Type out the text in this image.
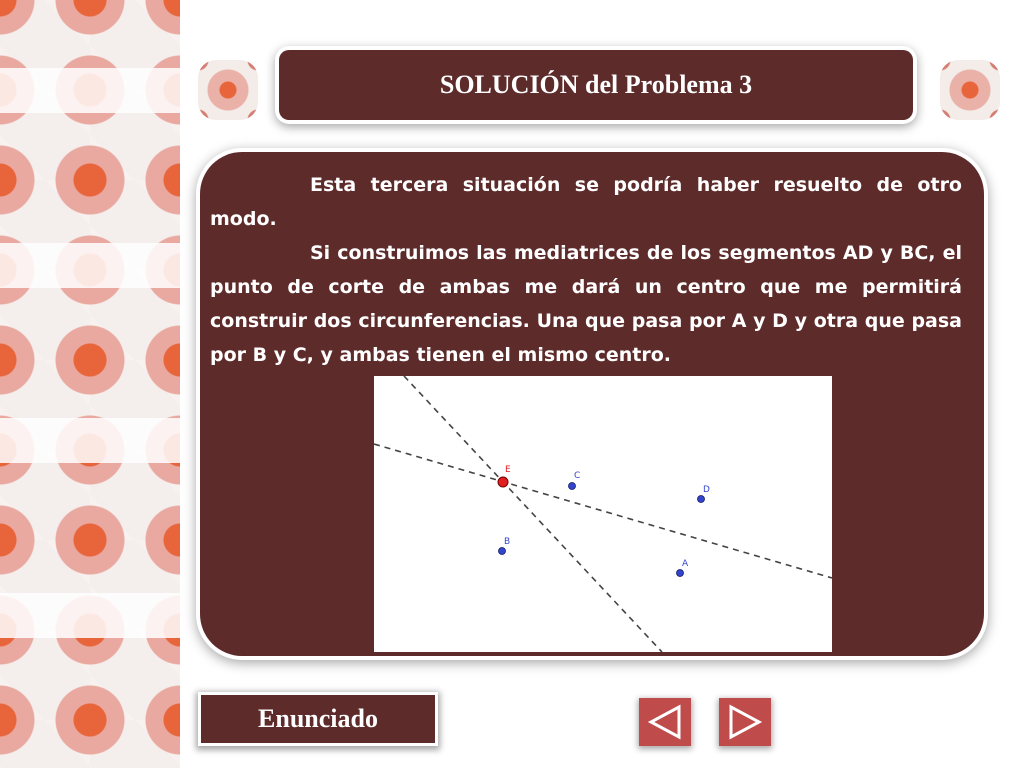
SOLUCIÓN del Problema 3

Esta tercera situación se podría haber resuelto de otro modo.

Si construimos las mediatrices de los segmentos AD y BC, el punto de corte de ambas me dará un centro que me permitirá construir dos circunferencias. Una que pasa por A y D y otra que pasa por B y C, y ambas tienen el mismo centro.

E
C
D
B
A
Enunciado
